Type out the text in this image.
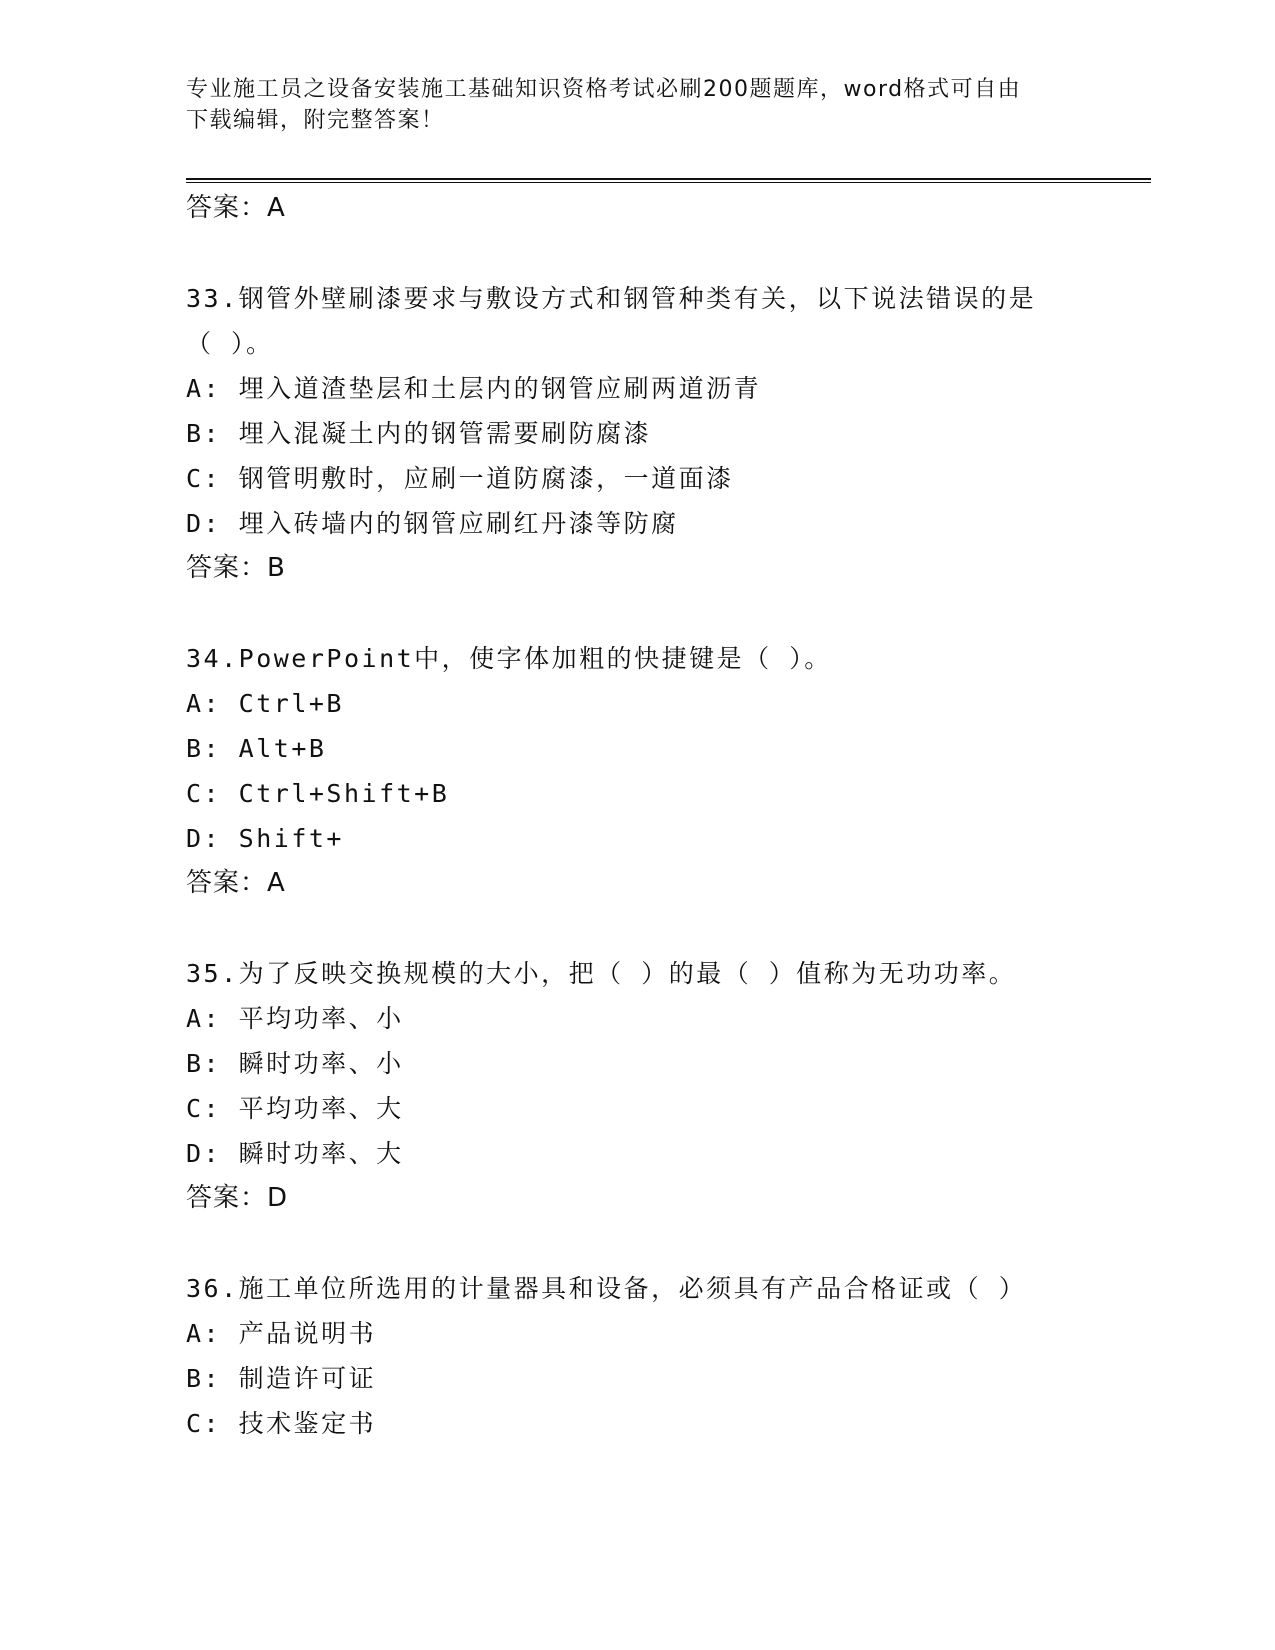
专业施工员之设备安装施工基础知识资格考试必刷200题题库，word格式可自由
下载编辑，附完整答案！
答案：A
33.钢管外壁刷漆要求与敷设方式和钢管种类有关，以下说法错误的是
（ ）。
A: 埋入道渣垫层和土层内的钢管应刷两道沥青
B: 埋入混凝土内的钢管需要刷防腐漆
C: 钢管明敷时，应刷一道防腐漆，一道面漆
D: 埋入砖墙内的钢管应刷红丹漆等防腐
答案：B
34.PowerPoint中，使字体加粗的快捷键是（ ）。
A: Ctrl+B
B: Alt+B
C: Ctrl+Shift+B
D: Shift+
答案：A
35.为了反映交换规模的大小，把（ ）的最（ ）值称为无功功率。
A: 平均功率、小
B: 瞬时功率、小
C: 平均功率、大
D: 瞬时功率、大
答案：D
36.施工单位所选用的计量器具和设备，必须具有产品合格证或（ ）
A: 产品说明书
B: 制造许可证
C: 技术鉴定书
